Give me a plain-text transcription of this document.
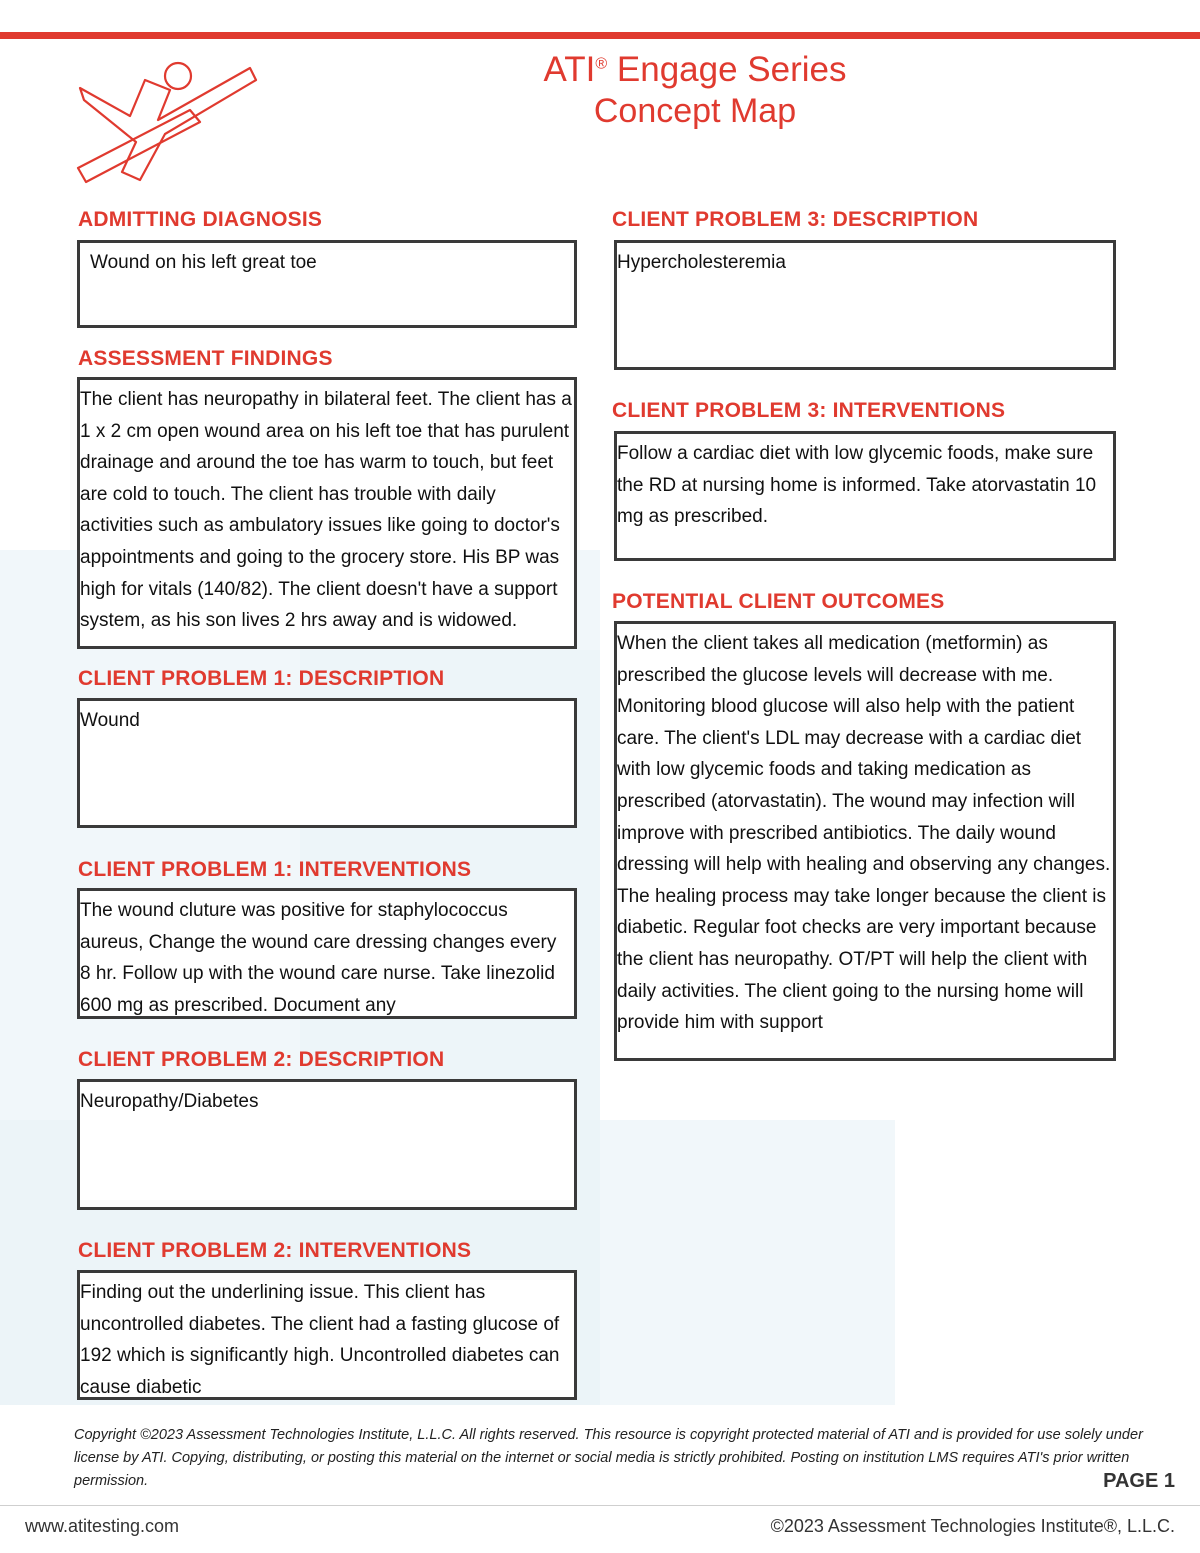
ATI® Engage Series
Concept Map
ADMITTING DIAGNOSIS

Wound on his left great toe

ASSESSMENT FINDINGS

The client has neuropathy in bilateral feet. The client has a 1 x 2 cm open wound area on his left toe that has purulent drainage and around the toe has warm to touch, but feet are cold to touch. The client has trouble with daily activities such as ambulatory issues like going to doctor's appointments and going to the grocery store. His BP was high for vitals (140/82). The client doesn't have a support system, as his son lives 2 hrs away and is widowed.

CLIENT PROBLEM 1: DESCRIPTION

Wound

CLIENT PROBLEM 1: INTERVENTIONS

The wound cluture was positive for staphylococcus aureus, Change the wound care dressing changes every 8 hr. Follow up with the wound care nurse. Take linezolid 600 mg as prescribed. Document any

CLIENT PROBLEM 2: DESCRIPTION

Neuropathy/Diabetes

CLIENT PROBLEM 2: INTERVENTIONS

Finding out the underlining issue. This client has uncontrolled diabetes. The client had a fasting glucose of 192 which is significantly high. Uncontrolled diabetes can cause diabetic

CLIENT PROBLEM 3: DESCRIPTION

Hypercholesteremia

CLIENT PROBLEM 3: INTERVENTIONS

Follow a cardiac diet with low glycemic foods, make sure the RD at nursing home is informed. Take atorvastatin 10 mg as prescribed.

POTENTIAL CLIENT OUTCOMES

When the client takes all medication (metformin) as prescribed the glucose levels will decrease with me. Monitoring blood glucose will also help with the patient care. The client's LDL may decrease with a cardiac diet with low glycemic foods and taking medication as prescribed (atorvastatin). The wound may infection will improve with prescribed antibiotics. The daily wound dressing will help with healing and observing any changes. The healing process may take longer because the client is diabetic. Regular foot checks are very important because the client has neuropathy. OT/PT will help the client with daily activities. The client going to the nursing home will provide him with support

Copyright ©2023 Assessment Technologies Institute, L.L.C. All rights reserved. This resource is copyright protected material of ATI and is provided for use solely under license by ATI. Copying, distributing, or posting this material on the internet or social media is strictly prohibited. Posting on institution LMS requires ATI's prior written permission.	PAGE 1
www.atitesting.com	©2023 Assessment Technologies Institute®, L.L.C.
